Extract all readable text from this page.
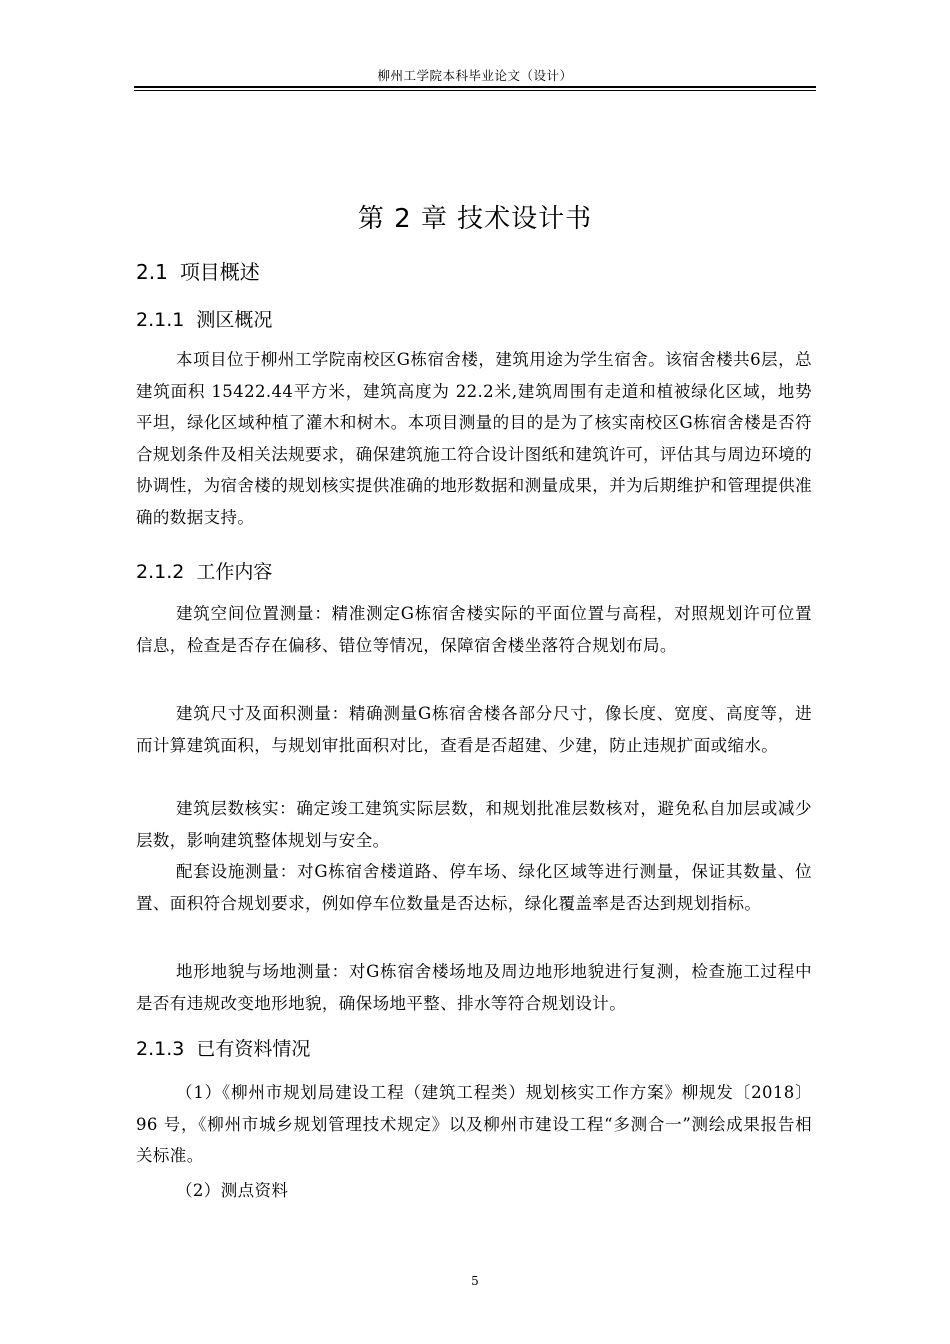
柳州工学院本科毕业论文（设计）
第 2 章 技术设计书
2.1 项目概述
2.1.1 测区概况

本项目位于柳州工学院南校区G栋宿舍楼，建筑用途为学生宿舍。该宿舍楼共6层，总建筑面积 15422.44平方米，建筑高度为 22.2米,建筑周围有走道和植被绿化区域，地势平坦，绿化区域种植了灌木和树木。本项目测量的目的是为了核实南校区G栋宿舍楼是否符合规划条件及相关法规要求，确保建筑施工符合设计图纸和建筑许可，评估其与周边环境的协调性，为宿舍楼的规划核实提供准确的地形数据和测量成果，并为后期维护和管理提供准确的数据支持。

2.1.2 工作内容

建筑空间位置测量：精准测定G栋宿舍楼实际的平面位置与高程，对照规划许可位置信息，检查是否存在偏移、错位等情况，保障宿舍楼坐落符合规划布局。

建筑尺寸及面积测量：精确测量G栋宿舍楼各部分尺寸，像长度、宽度、高度等，进而计算建筑面积，与规划审批面积对比，查看是否超建、少建，防止违规扩面或缩水。

建筑层数核实：确定竣工建筑实际层数，和规划批准层数核对，避免私自加层或减少层数，影响建筑整体规划与安全。

配套设施测量：对G栋宿舍楼道路、停车场、绿化区域等进行测量，保证其数量、位置、面积符合规划要求，例如停车位数量是否达标，绿化覆盖率是否达到规划指标。

地形地貌与场地测量：对G栋宿舍楼场地及周边地形地貌进行复测，检查施工过程中是否有违规改变地形地貌，确保场地平整、排水等符合规划设计。

2.1.3 已有资料情况

（1）《柳州市规划局建设工程（建筑工程类）规划核实工作方案》柳规发〔2018〕96 号，《柳州市城乡规划管理技术规定》以及柳州市建设工程“多测合一”测绘成果报告相关标准。

（2）测点资料

5
